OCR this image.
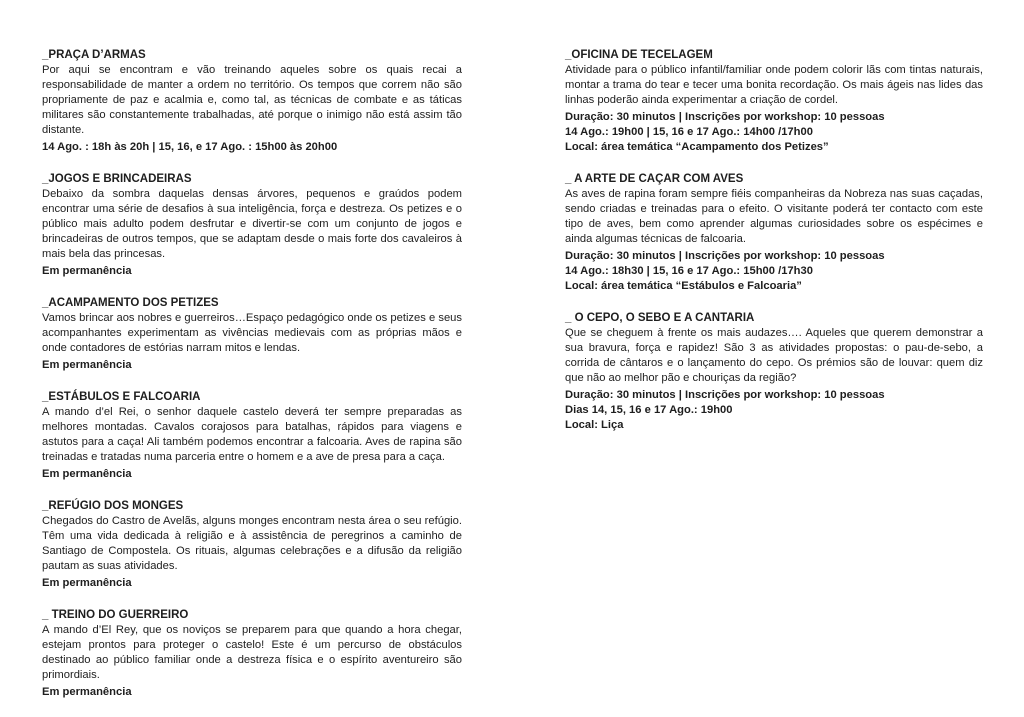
_PRAÇA D’ARMAS

Por aqui se encontram e vão treinando aqueles sobre os quais recai a responsabilidade de manter a ordem no território. Os tempos que correm não são propriamente de paz e acalmia e, como tal, as técnicas de combate e as táticas militares são constantemente trabalhadas, até porque o inimigo não está assim tão distante.

14 Ago. : 18h às 20h | 15, 16, e 17 Ago. : 15h00 às 20h00

_JOGOS E BRINCADEIRAS

Debaixo da sombra daquelas densas árvores, pequenos e graúdos podem encontrar uma série de desafios à sua inteligência, força e destreza. Os petizes e o público mais adulto podem desfrutar e divertir-se com um conjunto de jogos e brincadeiras de outros tempos, que se adaptam desde o mais forte dos cavaleiros à mais bela das princesas.

Em permanência

_ACAMPAMENTO DOS PETIZES

Vamos brincar aos nobres e guerreiros…Espaço pedagógico onde os petizes e seus acompanhantes experimentam as vivências medievais com as próprias mãos e onde contadores de estórias narram mitos e lendas.

Em permanência

_ESTÁBULOS E FALCOARIA

A mando d’el Rei, o senhor daquele castelo deverá ter sempre preparadas as melhores montadas. Cavalos corajosos para batalhas, rápidos para viagens e astutos para a caça! Ali também podemos encontrar a falcoaria. Aves de rapina são treinadas e tratadas numa parceria entre o homem e a ave de presa para a caça.

Em permanência

_REFÚGIO DOS MONGES

Chegados do Castro de Avelãs, alguns monges encontram nesta área o seu refúgio. Têm uma vida dedicada à religião e à assistência de peregrinos a caminho de Santiago de Compostela. Os rituais, algumas celebrações e a difusão da religião pautam as suas atividades.

Em permanência

_ TREINO DO GUERREIRO

A mando d’El Rey, que os noviços se preparem para que quando a hora chegar, estejam prontos para proteger o castelo! Este é um percurso de obstáculos destinado ao público familiar onde a destreza física e o espírito aventureiro são primordiais.

Em permanência

_OFICINA DE TECELAGEM

Atividade para o público infantil/familiar onde podem colorir lãs com tintas naturais, montar a trama do tear e tecer uma bonita recordação. Os mais ágeis nas lides das linhas poderão ainda experimentar a criação de cordel.

Duração: 30 minutos | Inscrições por workshop: 10 pessoas

14 Ago.: 19h00 | 15, 16 e 17 Ago.: 14h00 /17h00

Local: área temática “Acampamento dos Petizes”

_ A ARTE DE CAÇAR COM AVES

As aves de rapina foram sempre fiéis companheiras da Nobreza nas suas caçadas, sendo criadas e treinadas para o efeito. O visitante poderá ter contacto com este tipo de aves, bem como aprender algumas curiosidades sobre os espécimes e ainda algumas técnicas de falcoaria.

Duração: 30 minutos | Inscrições por workshop: 10 pessoas

14 Ago.: 18h30 | 15, 16 e 17 Ago.: 15h00 /17h30

Local: área temática “Estábulos e Falcoaria”

_ O CEPO, O SEBO E A CANTARIA

Que se cheguem à frente os mais audazes…. Aqueles que querem demonstrar a sua bravura, força e rapidez! São 3 as atividades propostas: o pau-de-sebo, a corrida de cântaros e o lançamento do cepo. Os prémios são de louvar: quem diz que não ao melhor pão e chouriças da região?

Duração: 30 minutos | Inscrições por workshop: 10 pessoas

Dias 14, 15, 16 e 17 Ago.: 19h00

Local: Liça
